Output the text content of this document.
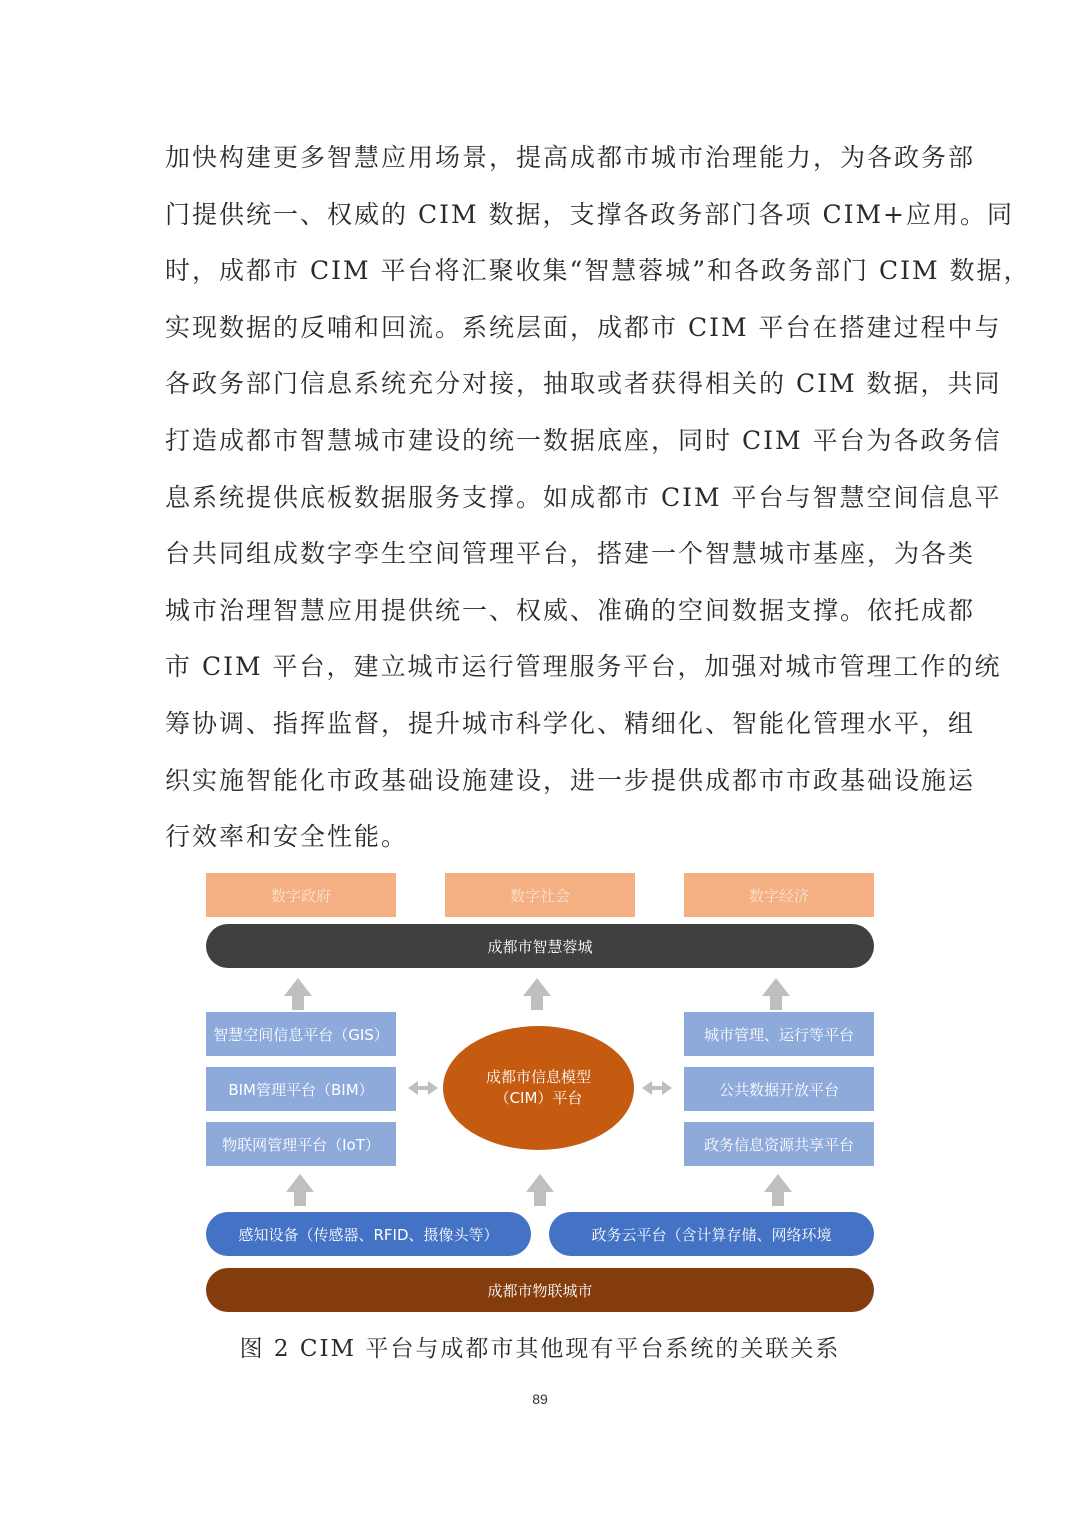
加快构建更多智慧应用场景，提高成都市城市治理能力，为各政务部
门提供统一、权威的 CIM 数据，支撑各政务部门各项 CIM+应用。同
时，成都市 CIM 平台将汇聚收集“智慧蓉城”和各政务部门 CIM 数据，
实现数据的反哺和回流。系统层面，成都市 CIM 平台在搭建过程中与
各政务部门信息系统充分对接，抽取或者获得相关的 CIM 数据，共同
打造成都市智慧城市建设的统一数据底座，同时 CIM 平台为各政务信
息系统提供底板数据服务支撑。如成都市 CIM 平台与智慧空间信息平
台共同组成数字孪生空间管理平台，搭建一个智慧城市基座，为各类
城市治理智慧应用提供统一、权威、准确的空间数据支撑。依托成都
市 CIM 平台，建立城市运行管理服务平台，加强对城市管理工作的统
筹协调、指挥监督，提升城市科学化、精细化、智能化管理水平，组
织实施智能化市政基础设施建设，进一步提供成都市市政基础设施运
行效率和安全性能。
数字政府	数字社会	数字经济
成都市智慧蓉城
智慧空间信息平台（GIS）
BIM管理平台（BIM）
物联网管理平台（IoT）
成都市信息模型
（CIM）平台
城市管理、运行等平台
公共数据开放平台
政务信息资源共享平台
感知设备（传感器、RFID、摄像头等）	政务云平台（含计算存储、网络环境
成都市物联城市
图 2 CIM 平台与成都市其他现有平台系统的关联关系
89
